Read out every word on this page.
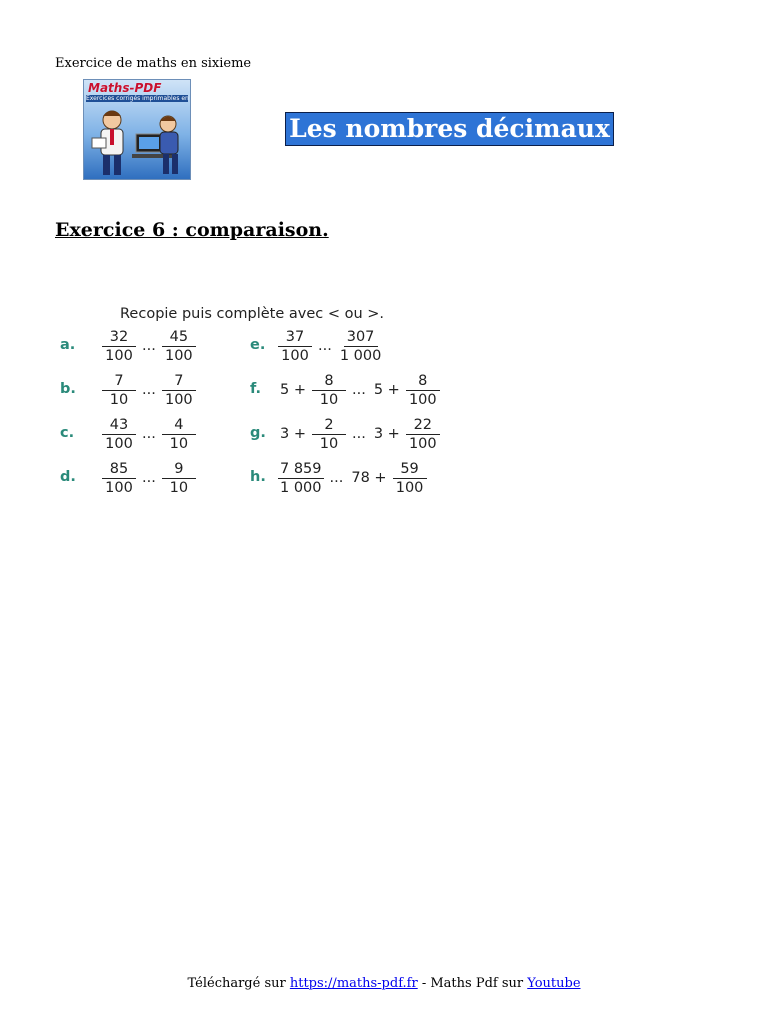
Exercice de maths en sixieme
Maths-PDF
Exercices corrigés imprimables en PDF
Les nombres décimaux
Exercice 6 : comparaison.
Recopie puis complète avec < ou >.
a. $\frac{32}{100}$ ... $\frac{45}{100}$
b. $\frac{7}{10}$ ... $\frac{7}{100}$
c. $\frac{43}{100}$ ... $\frac{4}{10}$
d. $\frac{85}{100}$ ... $\frac{9}{10}$
e. $\frac{37}{100}$ ... $\frac{307}{1 000}$
f. $5 + \frac{8}{10}$ ... $5 + \frac{8}{100}$
g. $3 + \frac{2}{10}$ ... $3 + \frac{22}{100}$
h. $\frac{7 859}{1 000}$ ... $78 + \frac{59}{100}$
Téléchargé sur https://maths-pdf.fr - Maths Pdf sur Youtube
